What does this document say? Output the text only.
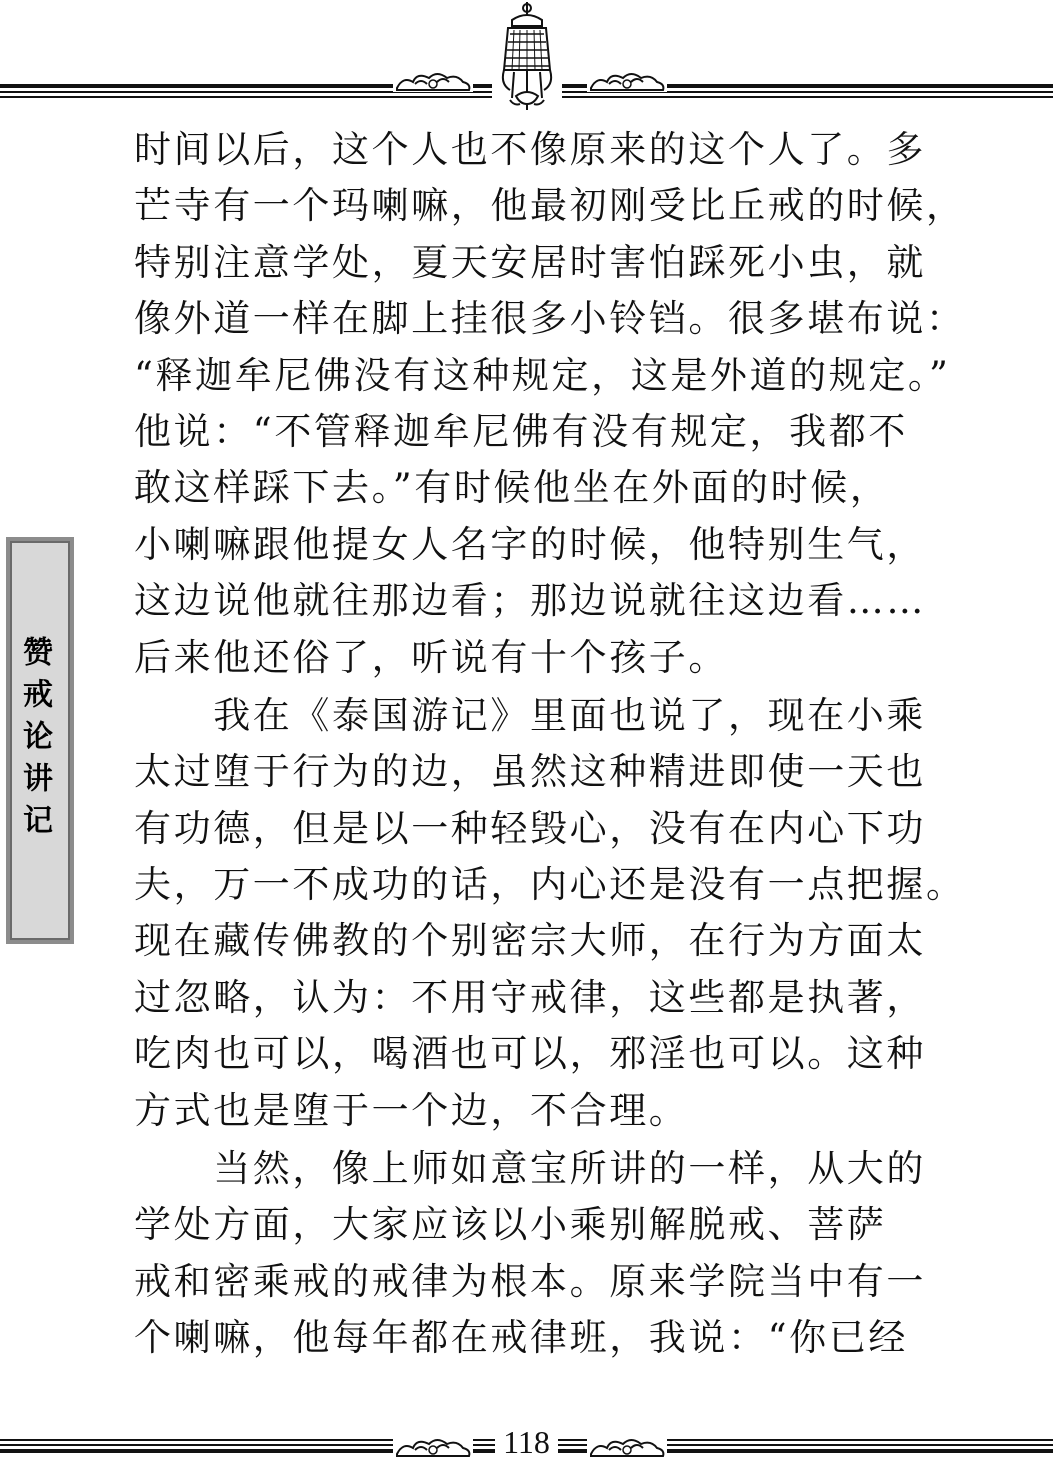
赞戒论讲记
时间以后，这个人也不像原来的这个人了。多
芒寺有一个玛喇嘛，他最初刚受比丘戒的时候，
特别注意学处，夏天安居时害怕踩死小虫，就
像外道一样在脚上挂很多小铃铛。很多堪布说：
“释迦牟尼佛没有这种规定，这是外道的规定。”
他说：“不管释迦牟尼佛有没有规定，我都不
敢这样踩下去。”有时候他坐在外面的时候，
小喇嘛跟他提女人名字的时候，他特别生气，
这边说他就往那边看；那边说就往这边看……
后来他还俗了，听说有十个孩子。
　　我在《泰国游记》里面也说了，现在小乘
太过堕于行为的边，虽然这种精进即使一天也
有功德，但是以一种轻毁心，没有在内心下功
夫，万一不成功的话，内心还是没有一点把握。
现在藏传佛教的个别密宗大师，在行为方面太
过忽略，认为：不用守戒律，这些都是执著，
吃肉也可以，喝酒也可以，邪淫也可以。这种
方式也是堕于一个边，不合理。
　　当然，像上师如意宝所讲的一样，从大的
学处方面，大家应该以小乘别解脱戒、菩萨
戒和密乘戒的戒律为根本。原来学院当中有一
个喇嘛，他每年都在戒律班，我说：“你已经
118
